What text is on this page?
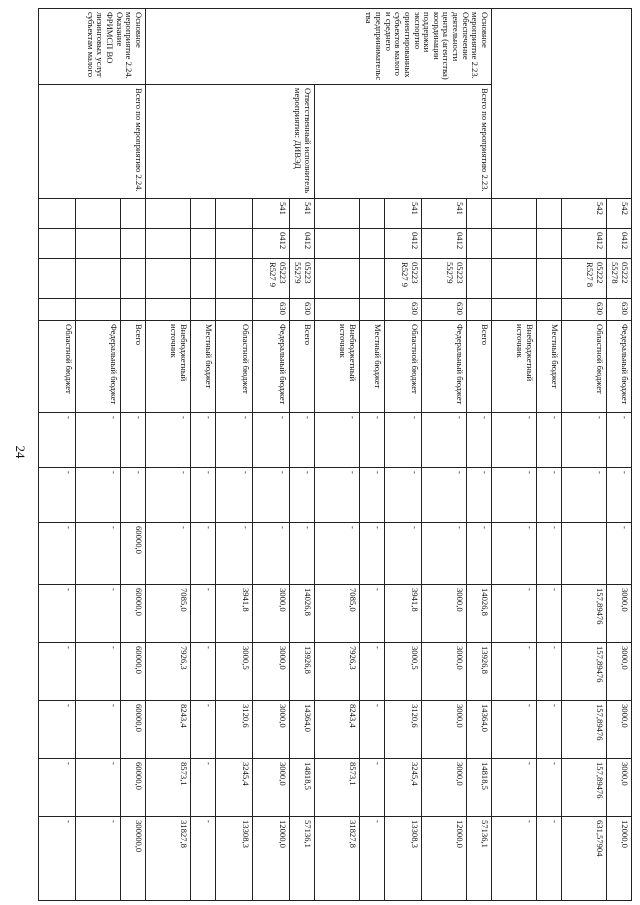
24
		542	0412	05222 55278	630	Федеральный бюджет	-	-	-	3000,0	3000,0	3000,0	3000,0	12000,0
		542	0412	05222 R527 8	630	Областной бюджет	-	-		157,89476	157,89476	157,89476	157,89476	631,57904
						Местный бюджет	-	-	-	-	-	-	-	-
						Внебюджетный источник	-	-	-	-	-	-	-	-
Основное мероприятие 2.23. Обеспечение деятельности центра (агентства) координации поддержки экспортно ориентированных субъектов малого и среднего предпринимательства	Всего по мероприятию 2.23.					Всего	-	-	-	14026,8	13926,8	14364,0	14818,5	57136,1
		541	0412	05223 55279	630	Федеральный бюджет	-	-	-	3000,0	3000,0	3000,0	3000,0	12000,0
		541	0412	05223 R527 9	630	Областной бюджет	-	-	-	3941,8	3000,5	3120,6	3245,4	13308,3
						Местный бюджет	-	-	-	-	-	-	-	-
						Внебюджетный источник	-	-	-	7085,0	7926,3	8243,4	8573,1	31827,8
	Ответственный исполнитель мероприятия: ДИВЭД	541	0412	05223 55279	630	Всего	-	-	-	14026,8	13926,8	14364,0	14818,5	57136,1
		541	0412	05223 R527 9	630	Федеральный бюджет	-	-	-	3000,0	3000,0	3000,0	3000,0	12000,0
						Областной бюджет	-	-	-	3941,8	3000,5	3120,6	3245,4	13308,3
						Местный бюджет	-	-	-	-	-	-	-	-
						Внебюджетный источник	-	-	-	7085,0	7926,3	8243,4	8573,1	31827,8
Основное мероприятие 2.24. Оказание ФРИМСП ВО лизинговых услуг субъектам малого	Всего по мероприятию 2.24.					Всего	-	-	60000,0	60000,0	60000,0	60000,0	60000,0	300000,0
						Федеральный бюджет	-	-	-	-	-	-	-	-
						Областной бюджет	-	-	-	-	-	-	-	-
